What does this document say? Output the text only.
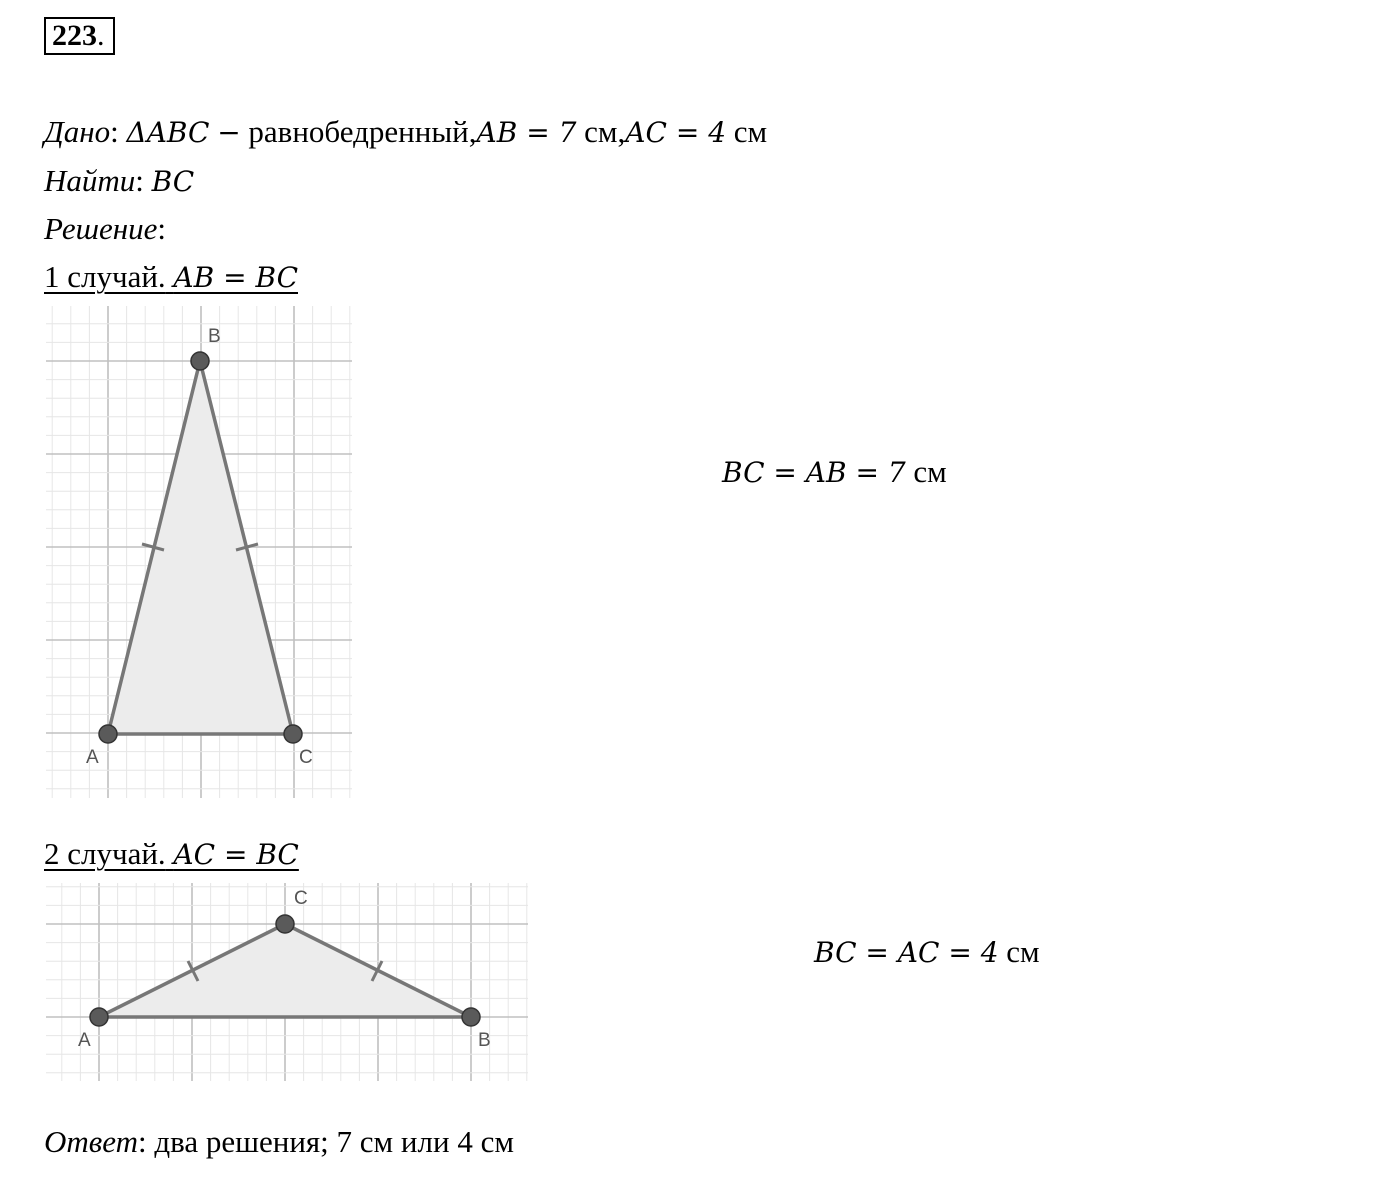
223.
Дано: ΔABC − равнобедренный,AB = 7 см,AC = 4 см
Найти: BC
Решение:
1 случай. AB = BC
A
B
C
BC = AB = 7 см
2 случай. AC = BC
A
C
B
BC = AC = 4 см
Ответ: два решения; 7 см или 4 см
